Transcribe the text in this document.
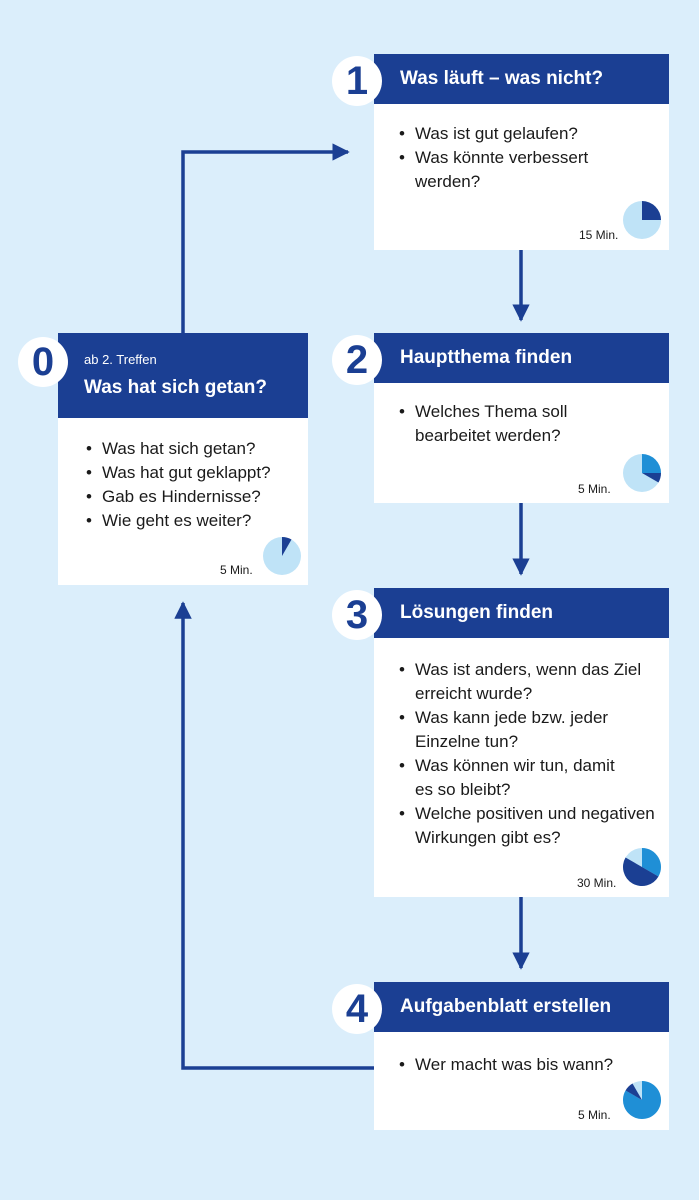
ab 2. Treffen
Was hat sich getan?
• Was hat sich getan?
• Was hat gut geklappt?
• Gab es Hindernisse?
• Wie geht es weiter?
5 Min.
0
Was läuft – was nicht?
• Was ist gut gelaufen?
• Was könnte verbessert werden?
15 Min.
1
Hauptthema finden
• Welches Thema soll bearbeitet werden?
5 Min.
2
Lösungen finden
• Was ist anders, wenn das Ziel erreicht wurde?
• Was kann jede bzw. jeder Einzelne tun?
• Was können wir tun, damit es so bleibt?
• Welche positiven und negativen Wirkungen gibt es?
30 Min.
3
Aufgabenblatt erstellen
• Wer macht was bis wann?
5 Min.
4
